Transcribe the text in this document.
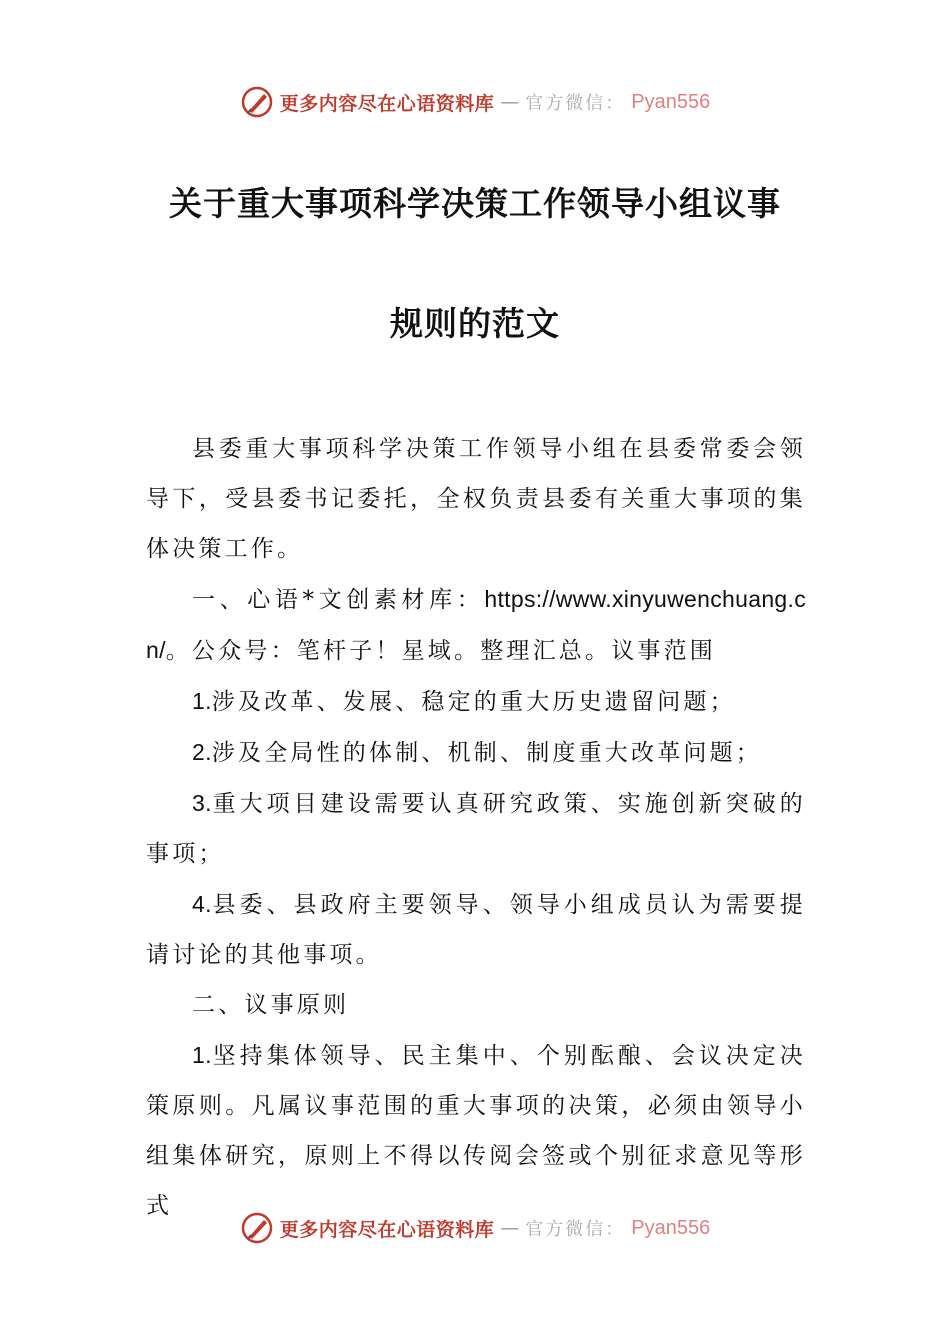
更多内容尽在心语资料库 — 官方微信： Pyan556
关于重大事项科学决策工作领导小组议事
规则的范文

县委重大事项科学决策工作领导小组在县委常委会领导下，受县委书记委托，全权负责县委有关重大事项的集体决策工作。

一、心语*文创素材库：https://www.xinyuwenchuang.cn/。公众号：笔杆子！星域。整理汇总。议事范围

1.涉及改革、发展、稳定的重大历史遗留问题；

2.涉及全局性的体制、机制、制度重大改革问题；

3.重大项目建设需要认真研究政策、实施创新突破的事项；

4.县委、县政府主要领导、领导小组成员认为需要提请讨论的其他事项。

二、议事原则

1.坚持集体领导、民主集中、个别酝酿、会议决定决策原则。凡属议事范围的重大事项的决策，必须由领导小组集体研究，原则上不得以传阅会签或个别征求意见等形式

更多内容尽在心语资料库 — 官方微信： Pyan556
